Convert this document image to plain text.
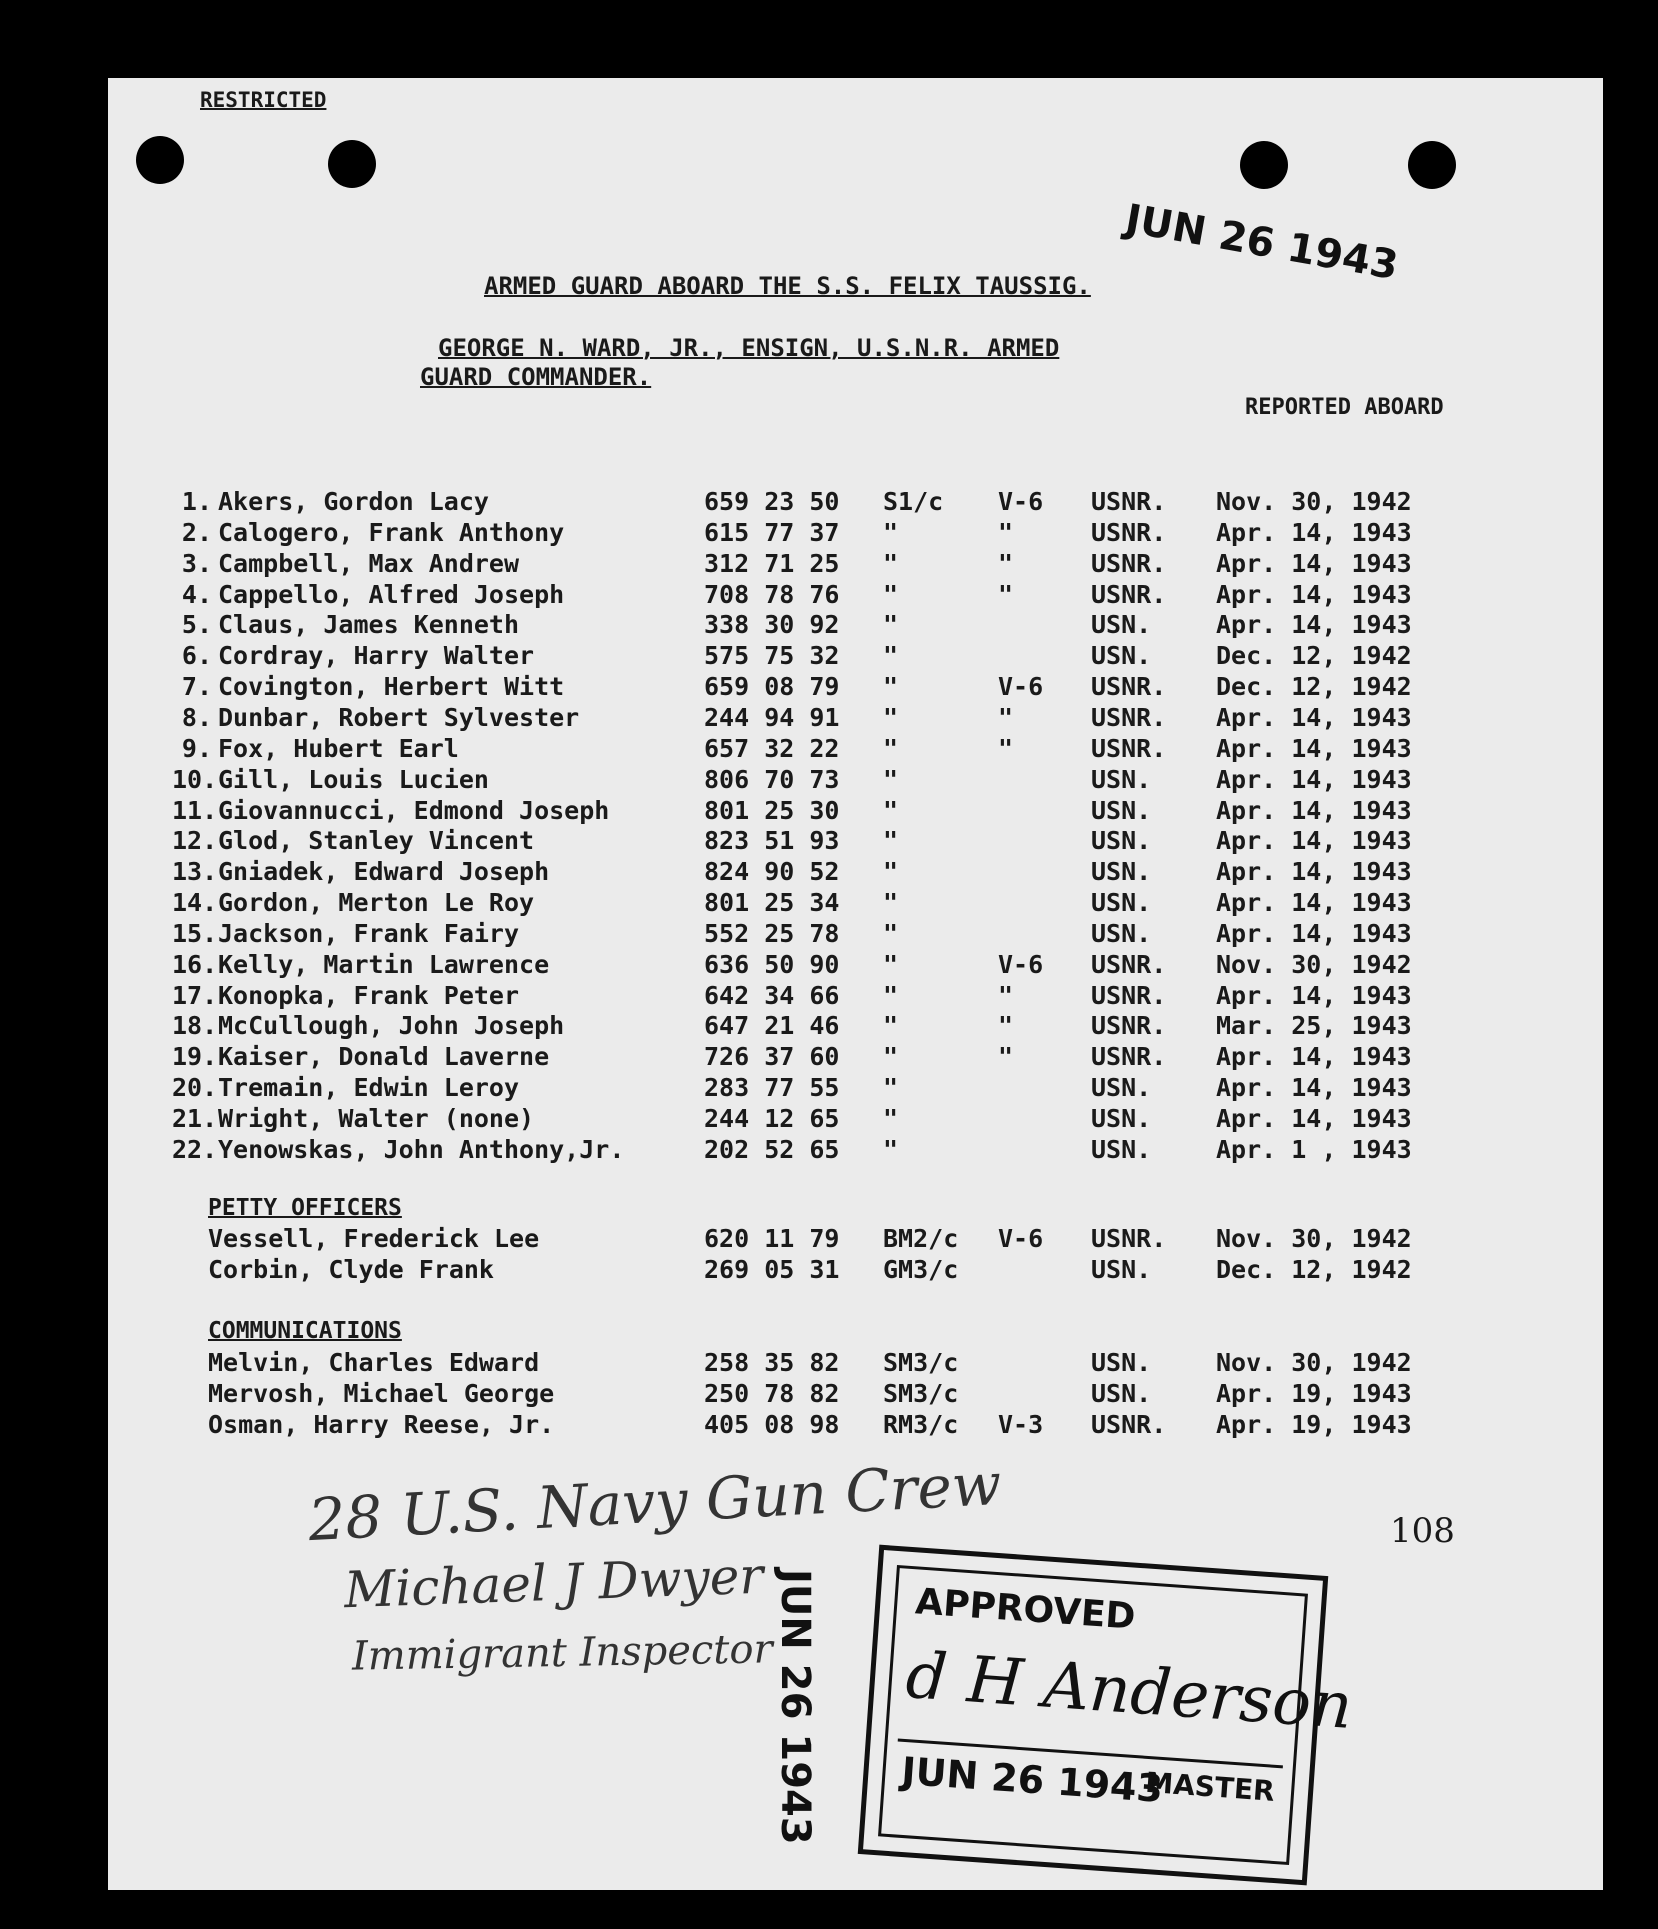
RESTRICTED
JUN 26 1943
ARMED GUARD ABOARD THE S.S. FELIX TAUSSIG.
GEORGE N. WARD, JR., ENSIGN, U.S.N.R. ARMED
GUARD COMMANDER.
REPORTED ABOARD
1. Akers, Gordon Lacy	659 23 50 S1/c V-6 USNR. Nov. 30, 1942
2. Calogero, Frank Anthony	615 77 37 "	"	USNR. Apr. 14, 1943
3. Campbell, Max Andrew	312 71 25 "	"	USNR. Apr. 14, 1943
4. Cappello, Alfred Joseph	708 78 76 "	"	USNR. Apr. 14, 1943
5. Claus, James Kenneth	338 30 92 "	USN.	Apr. 14, 1943
6. Cordray, Harry Walter	575 75 32 "	USN.	Dec. 12, 1942
7. Covington, Herbert Witt	659 08 79 "	V-6 USNR. Dec. 12, 1942
8. Dunbar, Robert Sylvester	244 94 91 "	"	USNR. Apr. 14, 1943
9. Fox, Hubert Earl	657 32 22 "	"	USNR. Apr. 14, 1943
10. Gill, Louis Lucien	806 70 73 "	USN.	Apr. 14, 1943
11. Giovannucci, Edmond Joseph	801 25 30 "	USN.	Apr. 14, 1943
12. Glod, Stanley Vincent	823 51 93 "	USN.	Apr. 14, 1943
13. Gniadek, Edward Joseph	824 90 52 "	USN.	Apr. 14, 1943
14. Gordon, Merton Le Roy	801 25 34 "	USN.	Apr. 14, 1943
15. Jackson, Frank Fairy	552 25 78 "	USN.	Apr. 14, 1943
16. Kelly, Martin Lawrence	636 50 90 "	V-6 USNR. Nov. 30, 1942
17. Konopka, Frank Peter	642 34 66 "	"	USNR. Apr. 14, 1943
18. McCullough, John Joseph	647 21 46 "	"	USNR. Mar. 25, 1943
19. Kaiser, Donald Laverne	726 37 60 "	"	USNR. Apr. 14, 1943
20. Tremain, Edwin Leroy	283 77 55 "	USN.	Apr. 14, 1943
21. Wright, Walter (none)	244 12 65 "	USN.	Apr. 14, 1943
22. Yenowskas, John Anthony,Jr.	202 52 65 "	USN.	Apr. 1 , 1943
PETTY OFFICERS
Vessell, Frederick Lee	620 11 79 BM2/c V-6 USNR. Nov. 30, 1942
Corbin, Clyde Frank	269 05 31 GM3/c	USN.	Dec. 12, 1942
COMMUNICATIONS
Melvin, Charles Edward	258 35 82 SM3/c	USN.	Nov. 30, 1942
Mervosh, Michael George	250 78 82 SM3/c	USN.	Apr. 19, 1943
Osman, Harry Reese, Jr.	405 08 98 RM3/c V-3 USNR. Apr. 19, 1943
28 U.S. Navy Gun Crew
Michael J Dwyer
Immigrant Inspector JUN 26 1943
108
APPROVED
d H Anderson
JUN 26 1943
MASTER
